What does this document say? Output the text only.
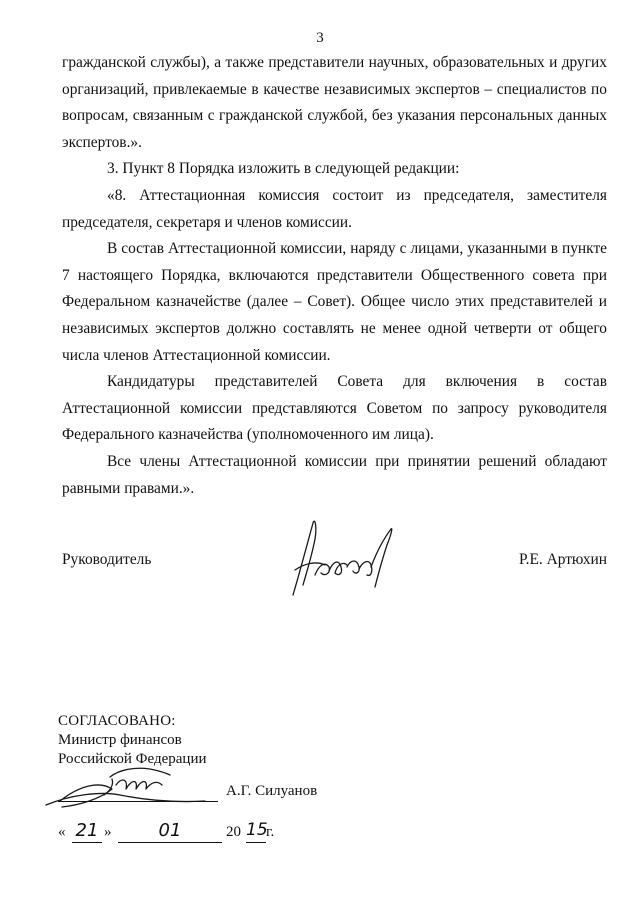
3

гражданской службы), а также представители научных, образовательных и других организаций, привлекаемые в качестве независимых экспертов – специалистов по вопросам, связанным с гражданской службой, без указания персональных данных экспертов.».

3. Пункт 8 Порядка изложить в следующей редакции:

«8. Аттестационная комиссия состоит из председателя, заместителя председателя, секретаря и членов комиссии.

В состав Аттестационной комиссии, наряду с лицами, указанными в пункте 7 настоящего Порядка, включаются представители Общественного совета при Федеральном казначействе (далее – Совет). Общее число этих представителей и независимых экспертов должно составлять не менее одной четверти от общего числа членов Аттестационной комиссии.

Кандидатуры представителей Совета для включения в состав Аттестационной комиссии представляются Советом по запросу руководителя Федерального казначейства (уполномоченного им лица).

Все члены Аттестационной комиссии при принятии решений обладают равными правами.».

Руководитель	Р.Е. Артюхин
СОГЛАСОВАНО:
Министр финансов
Российской Федерации
А.Г. Силуанов
« 21 »	01	20 15
г.
